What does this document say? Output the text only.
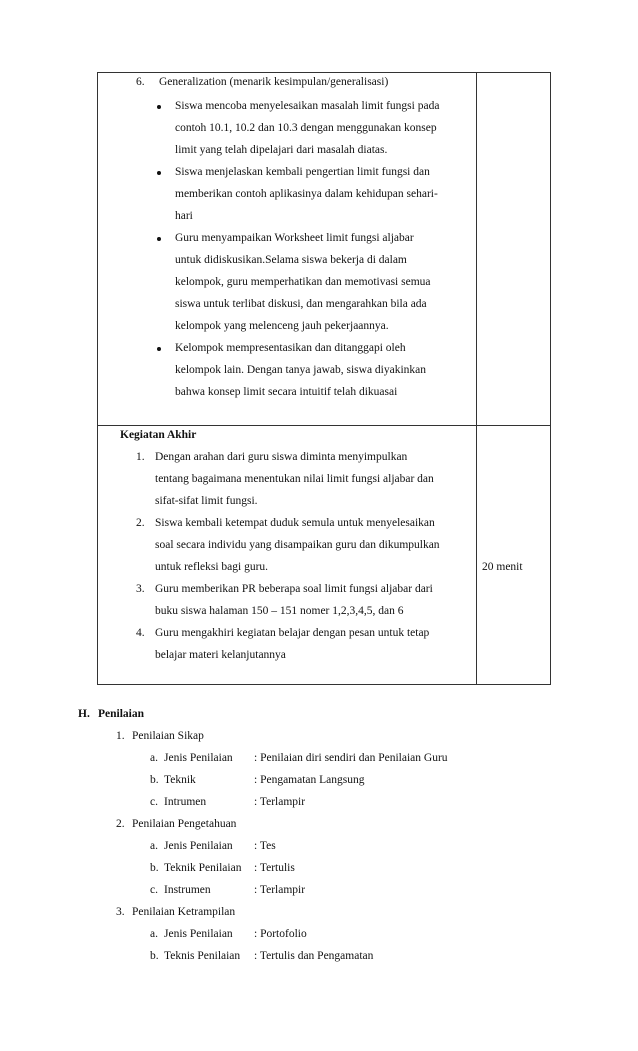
6. Generalization (menarik kesimpulan/generalisasi)
Siswa mencoba menyelesaikan masalah limit fungsi pada
contoh 10.1, 10.2 dan 10.3 dengan menggunakan konsep
limit yang telah dipelajari dari masalah diatas.
Siswa menjelaskan kembali pengertian limit fungsi dan
memberikan contoh aplikasinya dalam kehidupan sehari-
hari
Guru menyampaikan Worksheet limit fungsi aljabar
untuk didiskusikan.Selama siswa bekerja di dalam
kelompok, guru memperhatikan dan memotivasi semua
siswa untuk terlibat diskusi, dan mengarahkan bila ada
kelompok yang melenceng jauh pekerjaannya.
Kelompok mempresentasikan dan ditanggapi oleh
kelompok lain. Dengan tanya jawab, siswa diyakinkan
bahwa konsep limit secara intuitif telah dikuasai
Kegiatan Akhir
1. Dengan arahan dari guru siswa diminta menyimpulkan
tentang bagaimana menentukan nilai limit fungsi aljabar dan
sifat-sifat limit fungsi.
2. Siswa kembali ketempat duduk semula untuk menyelesaikan
soal secara individu yang disampaikan guru dan dikumpulkan
untuk refleksi bagi guru.
3. Guru memberikan PR beberapa soal limit fungsi aljabar dari
buku siswa halaman 150 – 151 nomer 1,2,3,4,5, dan 6
4. Guru mengakhiri kegiatan belajar dengan pesan untuk tetap
belajar materi kelanjutannya
20 menit
H. Penilaian
1. Penilaian Sikap
a. Jenis Penilaian : Penilaian diri sendiri dan Penilaian Guru
b. Teknik	: Pengamatan Langsung
c. Intrumen	: Terlampir
2. Penilaian Pengetahuan
a. Jenis Penilaian : Tes
b. Teknik Penilaian : Tertulis
c. Instrumen	: Terlampir
3. Penilaian Ketrampilan
a. Jenis Penilaian : Portofolio
b. Teknis Penilaian : Tertulis dan Pengamatan
